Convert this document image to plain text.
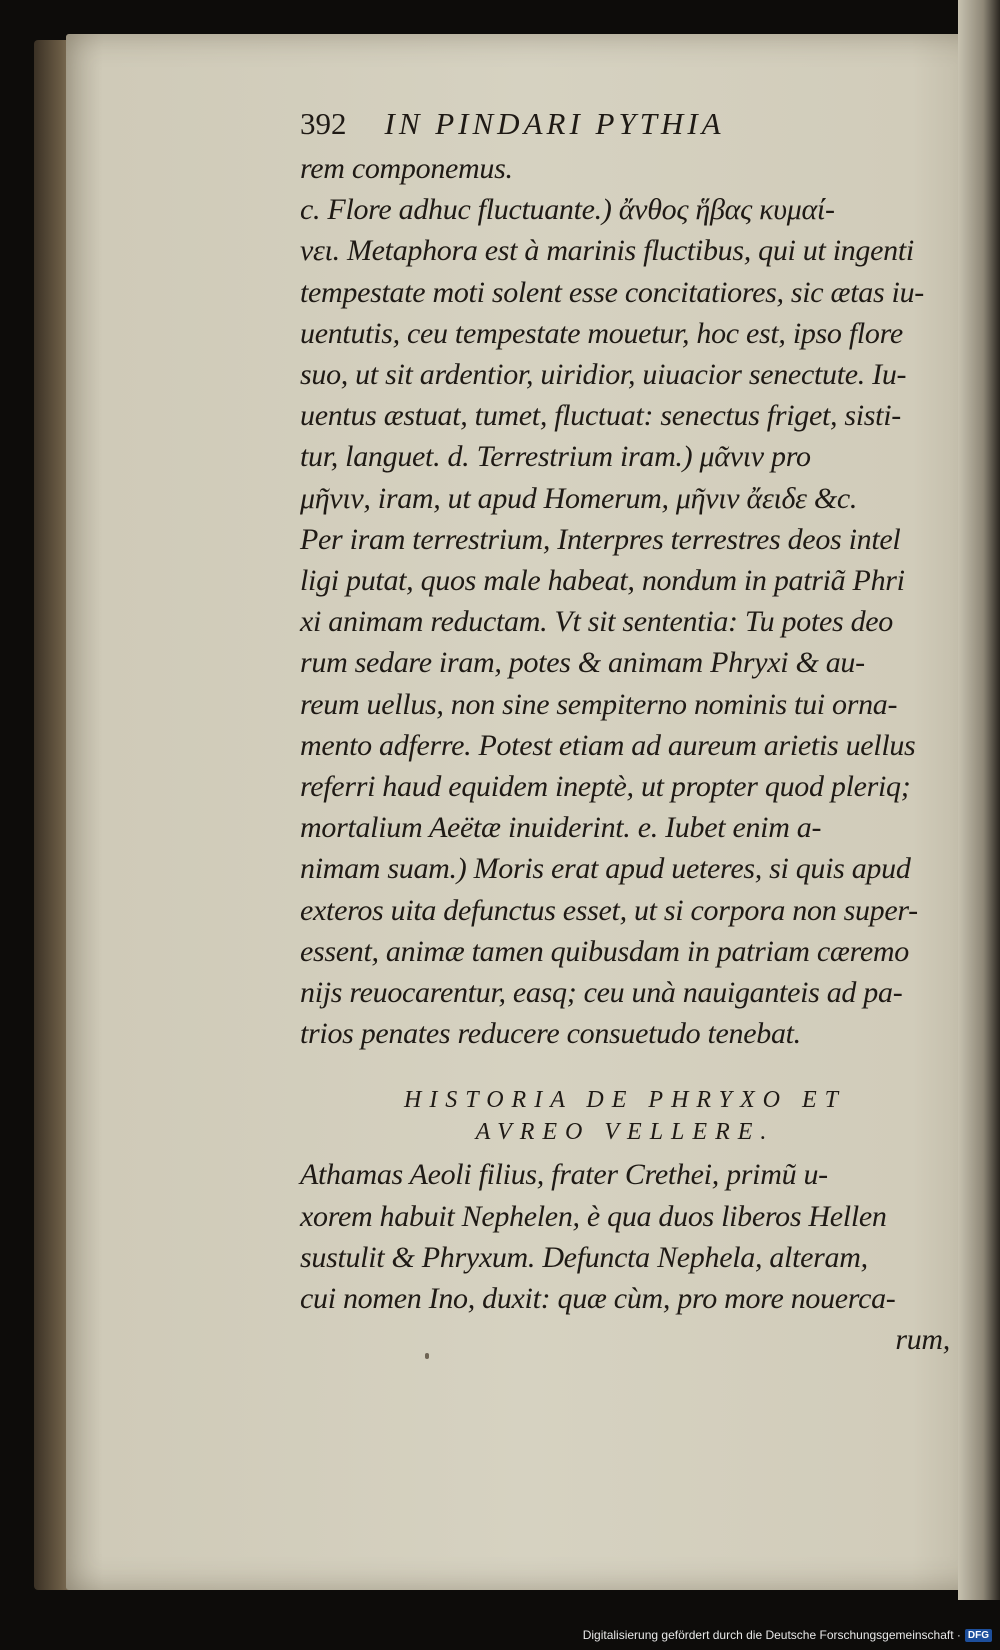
392 IN PINDARI PYTHIA
rem componemus.
c. Flore adhuc fluctuante.) ἄνθος ἥβας κυμαί-
νει. Metaphora est à marinis fluctibus, qui ut ingenti
tempestate moti solent esse concitatiores, sic ætas iu-
uentutis, ceu tempestate mouetur, hoc est, ipso flore
suo, ut sit ardentior, uiridior, uiuacior senectute. Iu-
uentus æstuat, tumet, fluctuat: senectus friget, sisti-
tur, languet. d. Terrestrium iram.) μᾶνιν pro
μῆνιν, iram, ut apud Homerum, μῆνιν ἄειδε &c.
Per iram terrestrium, Interpres terrestres deos intel
ligi putat, quos male habeat, nondum in patriã Phri
xi animam reductam. Vt sit sententia: Tu potes deo
rum sedare iram, potes & animam Phryxi & au-
reum uellus, non sine sempiterno nominis tui orna-
mento adferre. Potest etiam ad aureum arietis uellus
referri haud equidem ineptè, ut propter quod pleriq;
mortalium Aeëtæ inuiderint. e. Iubet enim a-
nimam suam.) Moris erat apud ueteres, si quis apud
exteros uita defunctus esset, ut si corpora non super-
essent, animæ tamen quibusdam in patriam cæremo
nijs reuocarentur, easq; ceu unà nauiganteis ad pa-
trios penates reducere consuetudo tenebat.
HISTORIA DE PHRYXO ET
AVREO VELLERE.
Athamas Aeoli filius, frater Crethei, primũ u-
xorem habuit Nephelen, è qua duos liberos Hellen
sustulit & Phryxum. Defuncta Nephela, alteram,
cui nomen Ino, duxit: quæ cùm, pro more nouerca-
rum,
Digitalisierung gefördert durch die Deutsche Forschungsgemeinschaft · DFG
